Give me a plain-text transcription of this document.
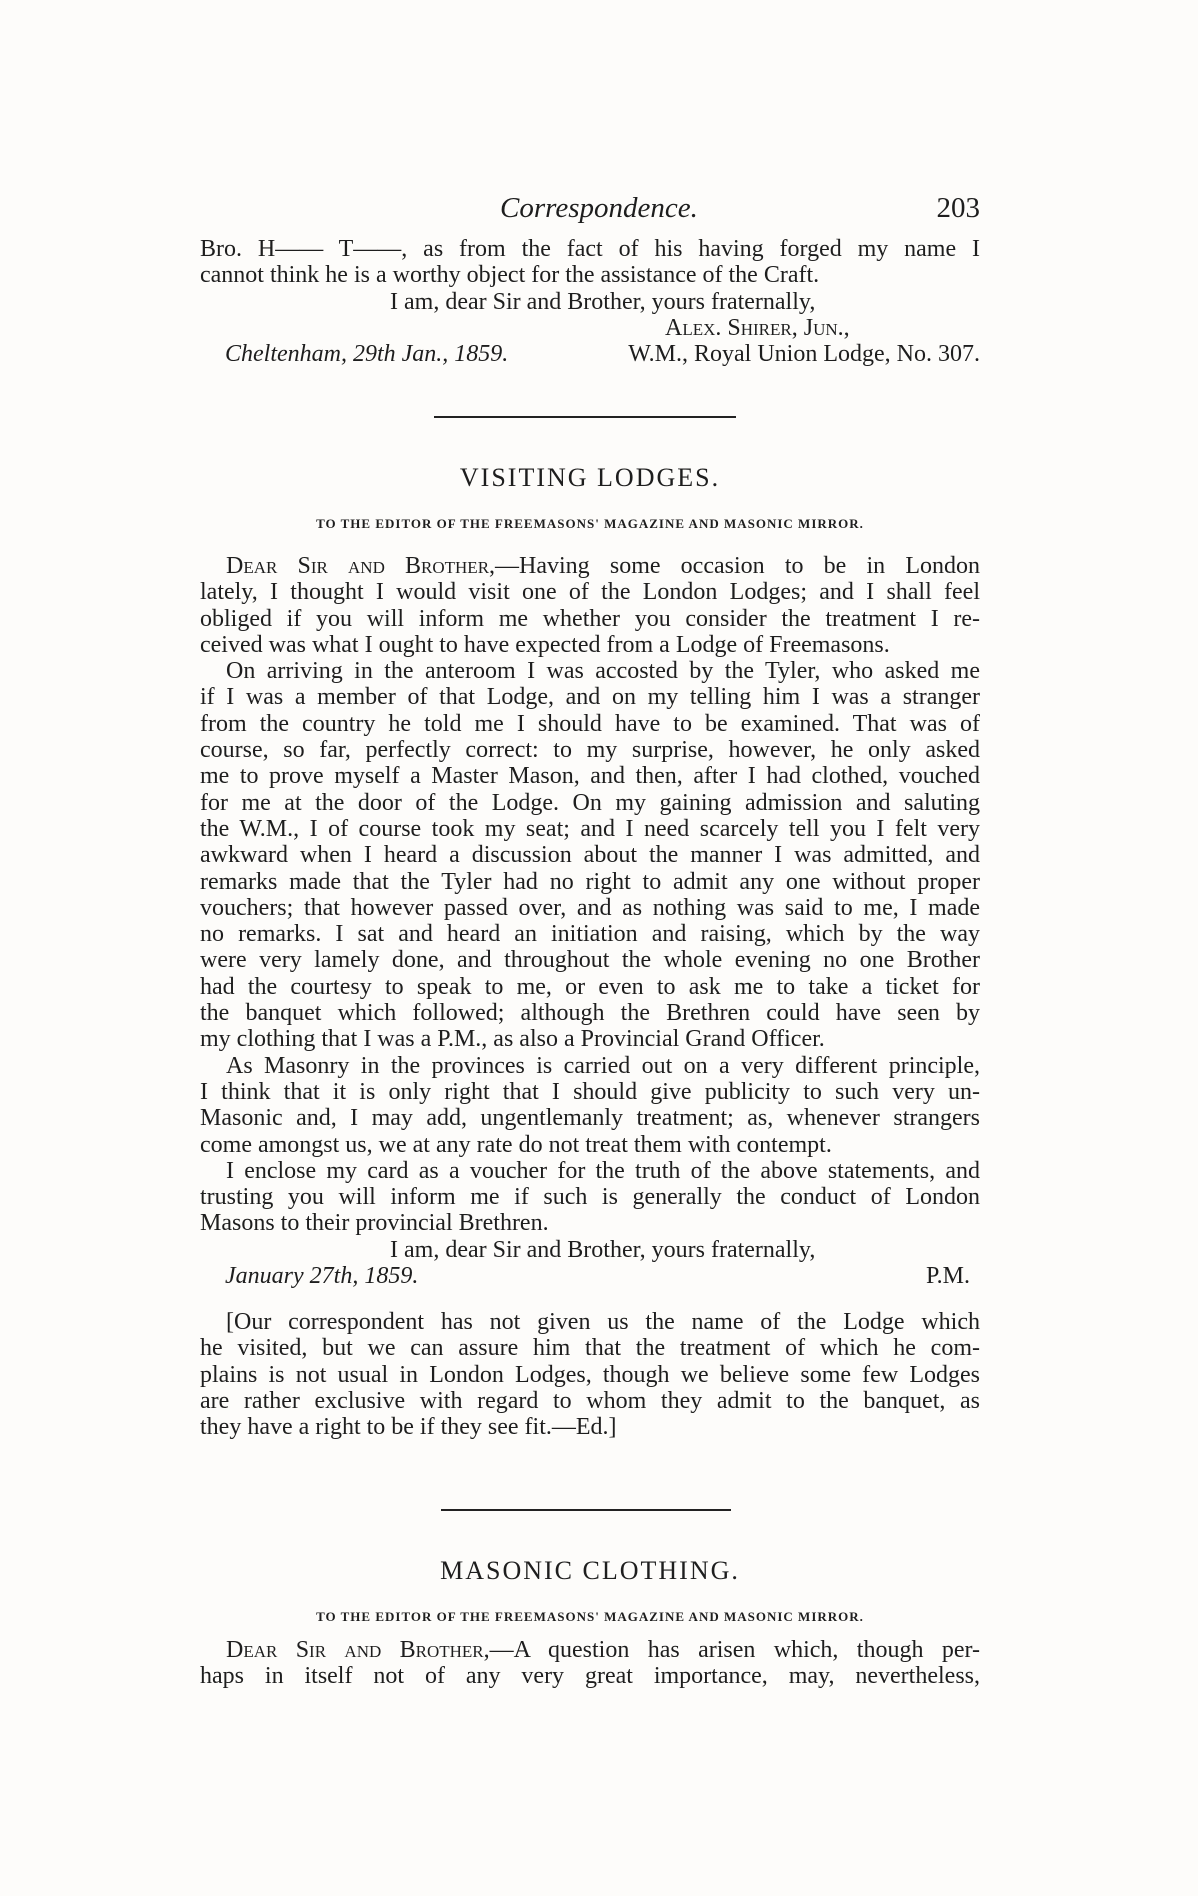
Correspondence.	203
Bro. H—— T——, as from the fact of his having forged my name I
cannot think he is a worthy object for the assistance of the Craft.
I am, dear Sir and Brother, yours fraternally,
Alex. Shirer, Jun.,
Cheltenham, 29th Jan., 1859.	W.M., Royal Union Lodge, No. 307.
VISITING LODGES.
TO THE EDITOR OF THE FREEMASONS' MAGAZINE AND MASONIC MIRROR.
Dear Sir and Brother,—Having some occasion to be in London
lately, I thought I would visit one of the London Lodges; and I shall feel
obliged if you will inform me whether you consider the treatment I re-
ceived was what I ought to have expected from a Lodge of Freemasons.
On arriving in the anteroom I was accosted by the Tyler, who asked me
if I was a member of that Lodge, and on my telling him I was a stranger
from the country he told me I should have to be examined. That was of
course, so far, perfectly correct: to my surprise, however, he only asked
me to prove myself a Master Mason, and then, after I had clothed, vouched
for me at the door of the Lodge. On my gaining admission and saluting
the W.M., I of course took my seat; and I need scarcely tell you I felt very
awkward when I heard a discussion about the manner I was admitted, and
remarks made that the Tyler had no right to admit any one without proper
vouchers; that however passed over, and as nothing was said to me, I made
no remarks. I sat and heard an initiation and raising, which by the way
were very lamely done, and throughout the whole evening no one Brother
had the courtesy to speak to me, or even to ask me to take a ticket for
the banquet which followed; although the Brethren could have seen by
my clothing that I was a P.M., as also a Provincial Grand Officer.
As Masonry in the provinces is carried out on a very different principle,
I think that it is only right that I should give publicity to such very un-
Masonic and, I may add, ungentlemanly treatment; as, whenever strangers
come amongst us, we at any rate do not treat them with contempt.
I enclose my card as a voucher for the truth of the above statements, and
trusting you will inform me if such is generally the conduct of London
Masons to their provincial Brethren.
I am, dear Sir and Brother, yours fraternally,
January 27th, 1859.	P.M.
[Our correspondent has not given us the name of the Lodge which
he visited, but we can assure him that the treatment of which he com-
plains is not usual in London Lodges, though we believe some few Lodges
are rather exclusive with regard to whom they admit to the banquet, as
they have a right to be if they see fit.—Ed.]
MASONIC CLOTHING.
TO THE EDITOR OF THE FREEMASONS' MAGAZINE AND MASONIC MIRROR.
Dear Sir and Brother,—A question has arisen which, though per-
haps in itself not of any very great importance, may, nevertheless,
